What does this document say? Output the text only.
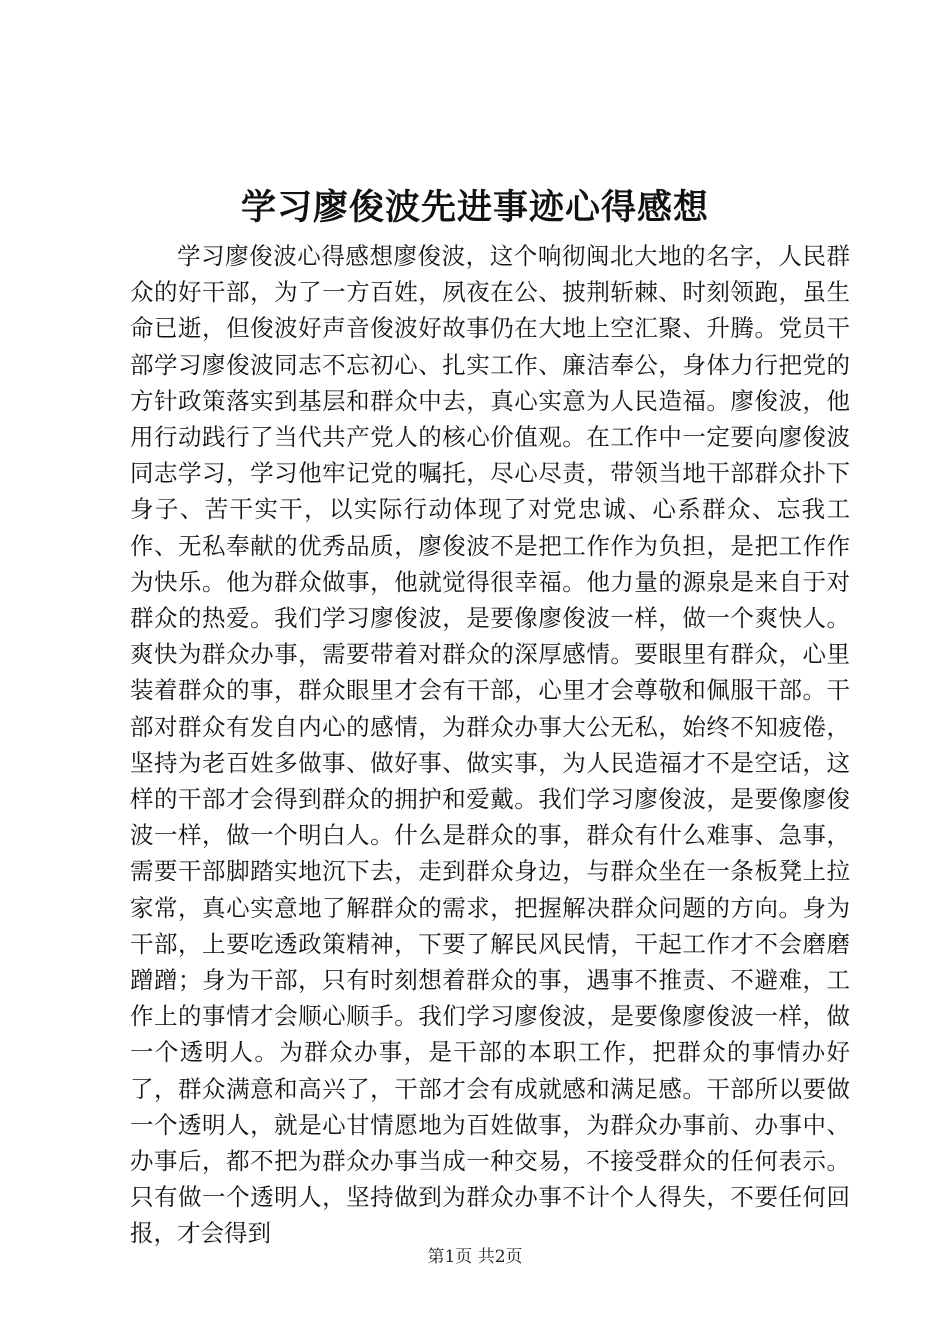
学习廖俊波先进事迹心得感想

学习廖俊波心得感想廖俊波，这个响彻闽北大地的名字，人民群众的好干部，为了一方百姓，夙夜在公、披荆斩棘、时刻领跑，虽生命已逝，但俊波好声音俊波好故事仍在大地上空汇聚、升腾。党员干部学习廖俊波同志不忘初心、扎实工作、廉洁奉公，身体力行把党的方针政策落实到基层和群众中去，真心实意为人民造福。廖俊波，他用行动践行了当代共产党人的核心价值观。在工作中一定要向廖俊波同志学习，学习他牢记党的嘱托，尽心尽责，带领当地干部群众扑下身子、苦干实干，以实际行动体现了对党忠诚、心系群众、忘我工作、无私奉献的优秀品质，廖俊波不是把工作作为负担，是把工作作为快乐。他为群众做事，他就觉得很幸福。他力量的源泉是来自于对群众的热爱。我们学习廖俊波，是要像廖俊波一样，做一个爽快人。爽快为群众办事，需要带着对群众的深厚感情。要眼里有群众，心里装着群众的事，群众眼里才会有干部，心里才会尊敬和佩服干部。干部对群众有发自内心的感情，为群众办事大公无私，始终不知疲倦，坚持为老百姓多做事、做好事、做实事，为人民造福才不是空话，这样的干部才会得到群众的拥护和爱戴。我们学习廖俊波，是要像廖俊波一样，做一个明白人。什么是群众的事，群众有什么难事、急事，需要干部脚踏实地沉下去，走到群众身边，与群众坐在一条板凳上拉家常，真心实意地了解群众的需求，把握解决群众问题的方向。身为干部，上要吃透政策精神，下要了解民风民情，干起工作才不会磨磨蹭蹭；身为干部，只有时刻想着群众的事，遇事不推责、不避难，工作上的事情才会顺心顺手。我们学习廖俊波，是要像廖俊波一样，做一个透明人。为群众办事，是干部的本职工作，把群众的事情办好了，群众满意和高兴了，干部才会有成就感和满足感。干部所以要做一个透明人，就是心甘情愿地为百姓做事，为群众办事前、办事中、办事后，都不把为群众办事当成一种交易，不接受群众的任何表示。只有做一个透明人，坚持做到为群众办事不计个人得失，不要任何回报，才会得到

第1页 共2页
